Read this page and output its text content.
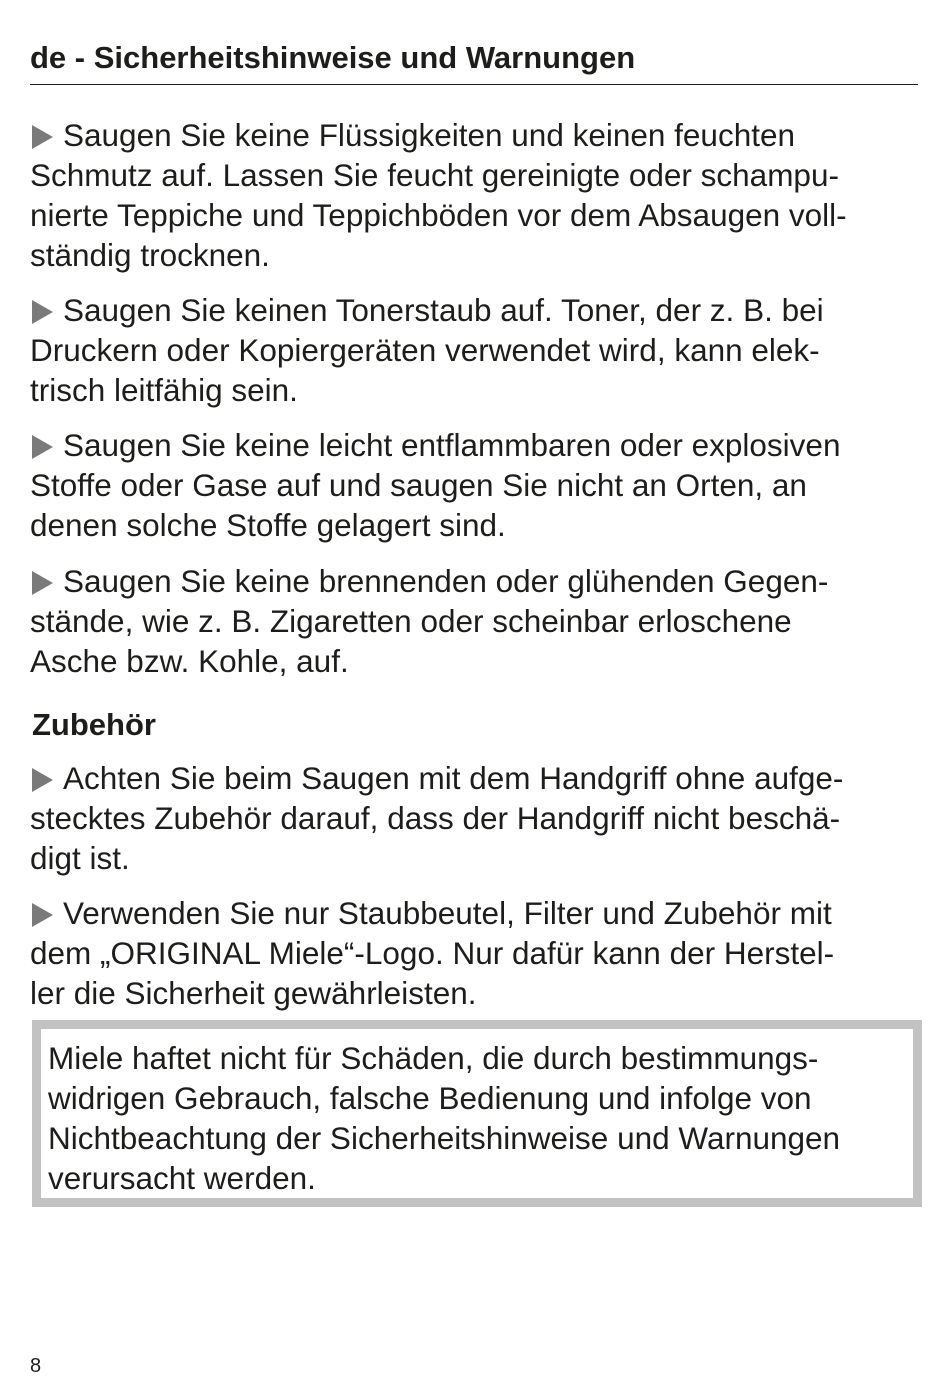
de - Sicherheitshinweise und Warnungen

Saugen Sie keine Flüssigkeiten und keinen feuchten
Schmutz auf. Lassen Sie feucht gereinigte oder schampu-
nierte Teppiche und Teppichböden vor dem Absaugen voll-
ständig trocknen.

Saugen Sie keinen Tonerstaub auf. Toner, der z. B. bei
Druckern oder Kopiergeräten verwendet wird, kann elek-
trisch leitfähig sein.

Saugen Sie keine leicht entflammbaren oder explosiven
Stoffe oder Gase auf und saugen Sie nicht an Orten, an
denen solche Stoffe gelagert sind.

Saugen Sie keine brennenden oder glühenden Gegen-
stände, wie z. B. Zigaretten oder scheinbar erloschene
Asche bzw. Kohle, auf.

Zubehör

Achten Sie beim Saugen mit dem Handgriff ohne aufge-
stecktes Zubehör darauf, dass der Handgriff nicht beschä-
digt ist.

Verwenden Sie nur Staubbeutel, Filter und Zubehör mit
dem „ORIGINAL Miele“-Logo. Nur dafür kann der Herstel-
ler die Sicherheit gewährleisten.

Miele haftet nicht für Schäden, die durch bestimmungs-
widrigen Gebrauch, falsche Bedienung und infolge von
Nichtbeachtung der Sicherheitshinweise und Warnungen
verursacht werden.
8
